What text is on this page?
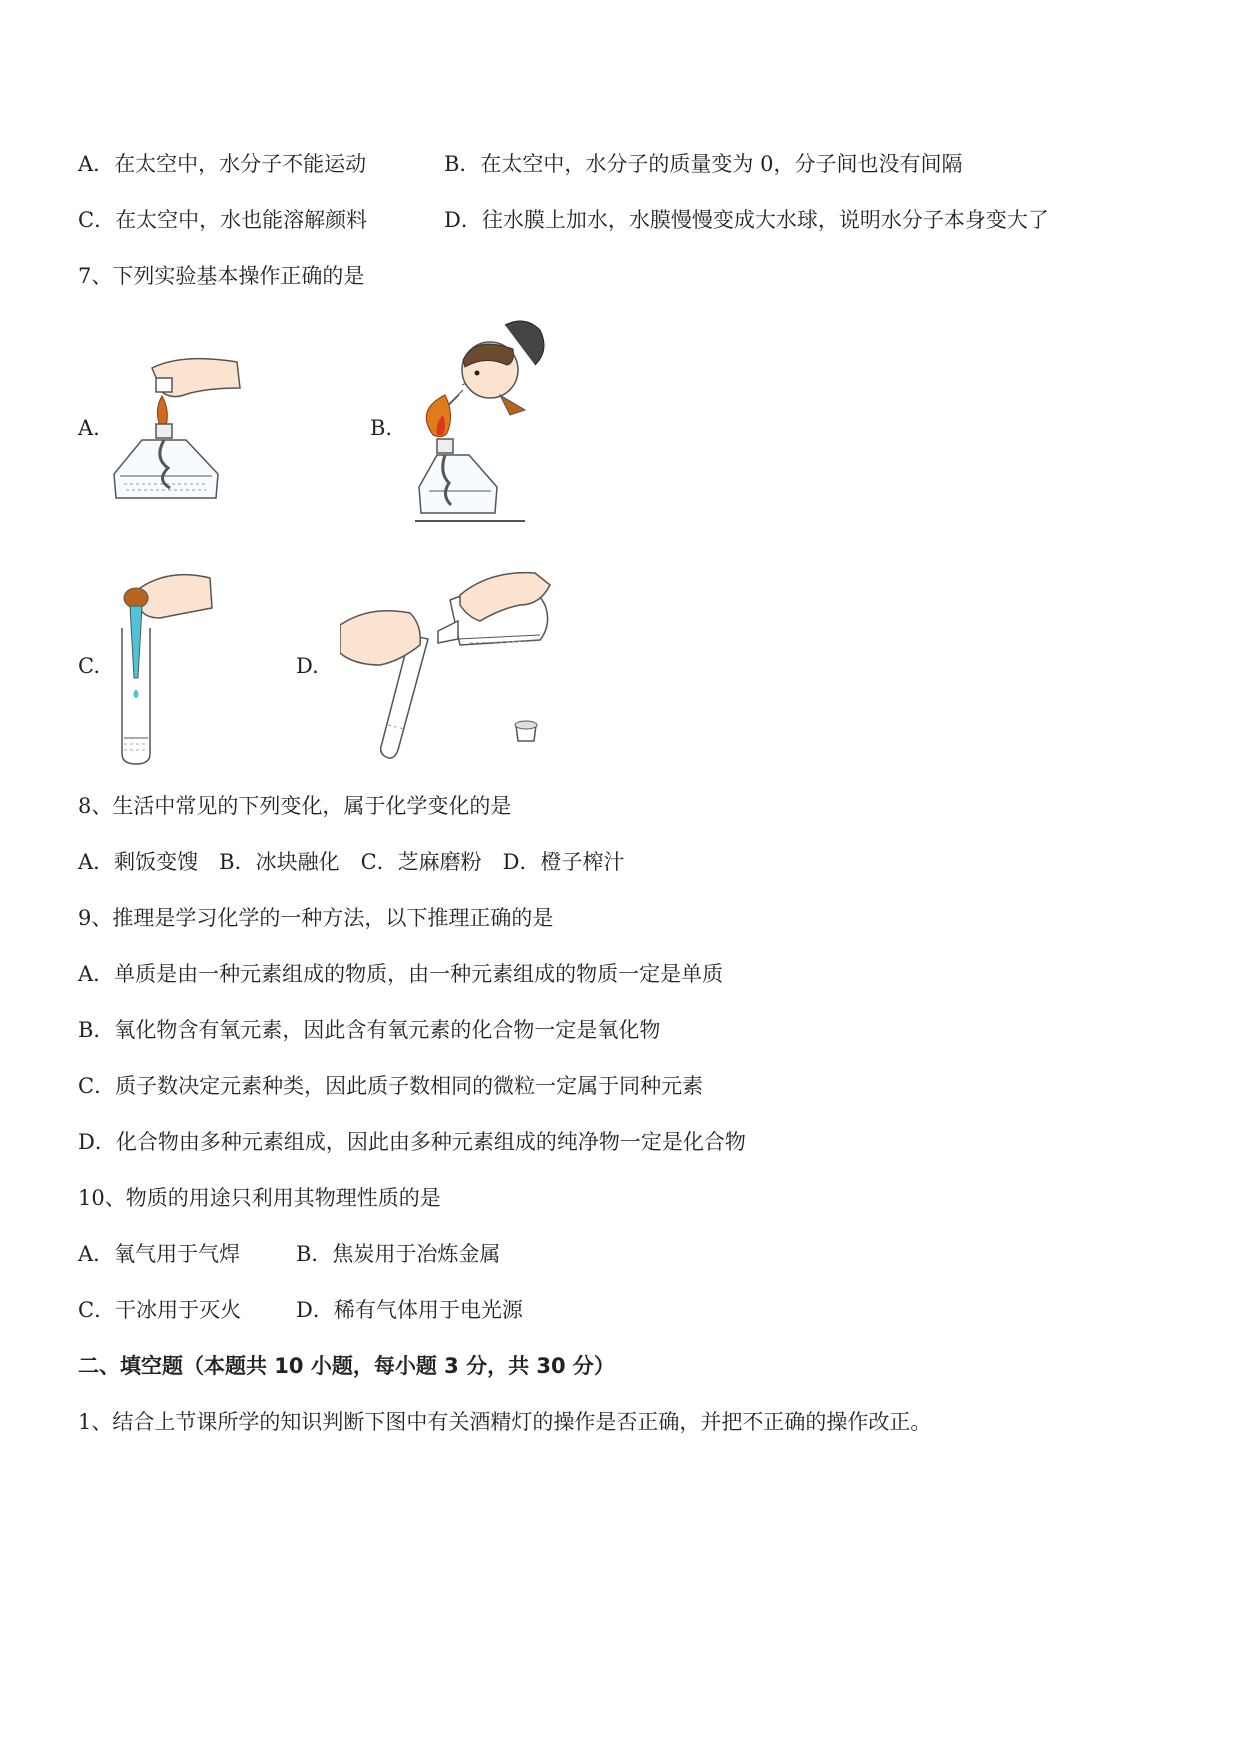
A．在太空中，水分子不能运动	B．在太空中，水分子的质量变为 0，分子间也没有间隔
C．在太空中，水也能溶解颜料	D．往水膜上加水，水膜慢慢变成大水球，说明水分子本身变大了
7、下列实验基本操作正确的是
A.	B.
C.	D.
8、生活中常见的下列变化，属于化学变化的是
A．剩饭变馊　B．冰块融化　C．芝麻磨粉　D．橙子榨汁
9、推理是学习化学的一种方法，以下推理正确的是
A．单质是由一种元素组成的物质，由一种元素组成的物质一定是单质
B．氧化物含有氧元素，因此含有氧元素的化合物一定是氧化物
C．质子数决定元素种类，因此质子数相同的微粒一定属于同种元素
D．化合物由多种元素组成，因此由多种元素组成的纯净物一定是化合物
10、物质的用途只利用其物理性质的是
A．氧气用于气焊	B．焦炭用于冶炼金属
C．干冰用于灭火	D．稀有气体用于电光源
二、填空题（本题共 10 小题，每小题 3 分，共 30 分）
1、结合上节课所学的知识判断下图中有关酒精灯的操作是否正确，并把不正确的操作改正。
